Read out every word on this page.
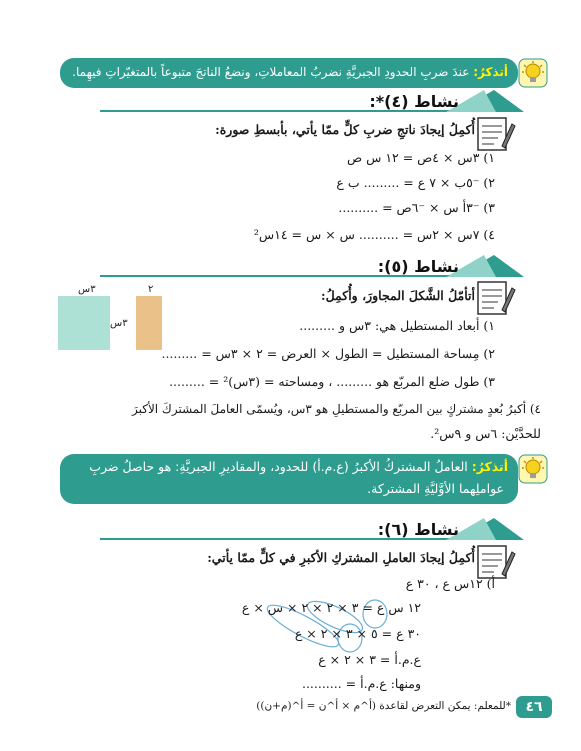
أتذكرُ: عندَ ضربِ الحدودِ الجبريَّةِ نضربُ المعاملاتِ، ونضعُ الناتجَ متبوعاً بالمتغيّراتِ فيهِما.
نشاط (٤)*:
أُكمِلُ إيجادَ ناتجِ ضربِ كلٍّ ممّا يأتي، بأبسطِ صورة:
١) ٣س × ٤ص = ١٢ س ص
٢) ⁻٥ب × ٧ ع = ......... ب ع
٣) ⁻٣أ س × ⁻٦ص = ..........
٤) ٧س × ٢س = .......... س × س = ١٤س²
نشاط (٥):
٣س	٢
٣س
أتأمّلُ الشَّكلَ المجاورَ، وأُكمِلُ:
١) أبعاد المستطيل هي: ٣س و .........
٢) مِساحة المستطيل = الطول × العرض = ٢ × ٣س = .........
٣) طول ضلع المربّع هو ......... ، ومساحته = (٣س)² = .........
٤) أكبرُ بُعدٍ مشتركٍ بين المربّع والمستطيلِ هو ٣س، ويُسمّى العاملَ المشتركَ الأكبرَ
للحدَّيْن: ٦س و ٩س².
أتذكرُ: العاملُ المشتركُ الأكبرُ (ع.م.أ) للحدود، والمقاديرِ الجبريَّةِ: هو حاصلُ ضربِ
عواملِهما الأوَّليَّةِ المشتركة.
نشاط (٦):
أُكمِلُ إيجادَ العاملِ المشتركِ الأكبرِ في كلٍّ ممّا يأتي:
أ) ١٢س ع ، ٣٠ ع
١٢ س ع = ٣ × ٢ × ٢ × س × ع
٣٠ ع = ٥ × ٣ × ٢ × ع
ع.م.أ = ٣ × ٢ × ع
ومنها: ع.م.أ = ..........
*للمعلم: يمكن التعرض لقاعدة (أ^م × أ^ن = أ^(م+ن))	٤٦
